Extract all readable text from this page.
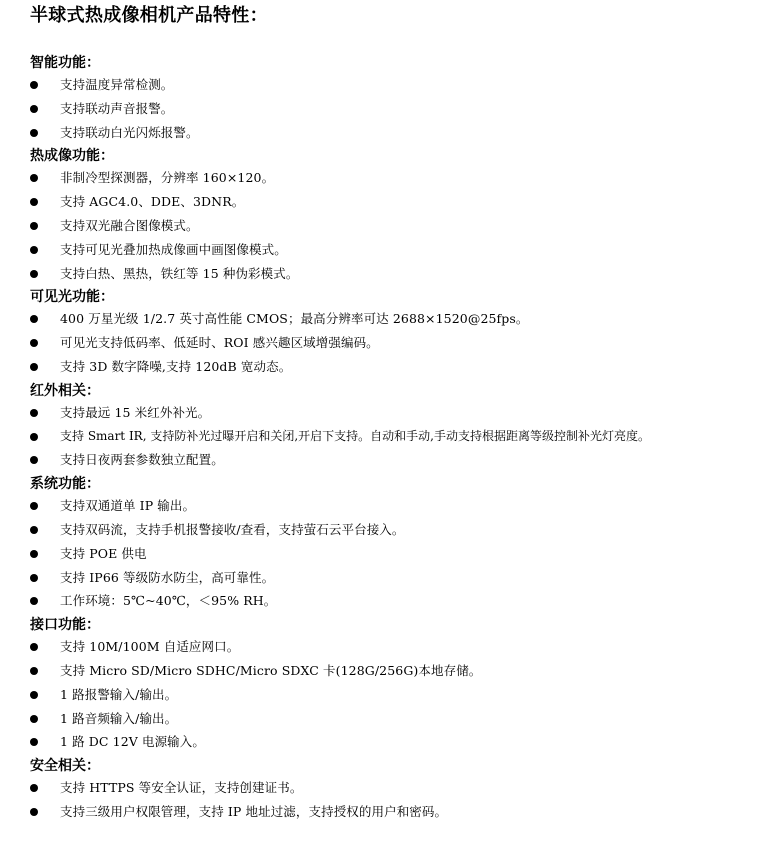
半球式热成像相机产品特性：
智能功能：
支持温度异常检测。
支持联动声音报警。
支持联动白光闪烁报警。
热成像功能：
非制冷型探测器，分辨率 160×120。
支持 AGC4.0、DDE、3DNR。
支持双光融合图像模式。
支持可见光叠加热成像画中画图像模式。
支持白热、黑热，铁红等 15 种伪彩模式。
可见光功能：
400 万星光级 1/2.7 英寸高性能 CMOS；最高分辨率可达 2688×1520@25fps。
可见光支持低码率、低延时、ROI 感兴趣区域增强编码。
支持 3D 数字降噪,支持 120dB 宽动态。
红外相关：
支持最远 15 米红外补光。
支持 Smart IR, 支持防补光过曝开启和关闭,开启下支持。自动和手动,手动支持根据距离等级控制补光灯亮度。
支持日夜两套参数独立配置。
系统功能：
支持双通道单 IP 输出。
支持双码流，支持手机报警接收/查看，支持萤石云平台接入。
支持 POE 供电
支持 IP66 等级防水防尘，高可靠性。
工作环境：5℃~40℃，＜95% RH。
接口功能：
支持 10M/100M 自适应网口。
支持 Micro SD/Micro SDHC/Micro SDXC 卡(128G/256G)本地存储。
1 路报警输入/输出。
1 路音频输入/输出。
1 路 DC 12V 电源输入。
安全相关：
支持 HTTPS 等安全认证，支持创建证书。
支持三级用户权限管理，支持 IP 地址过滤，支持授权的用户和密码。
